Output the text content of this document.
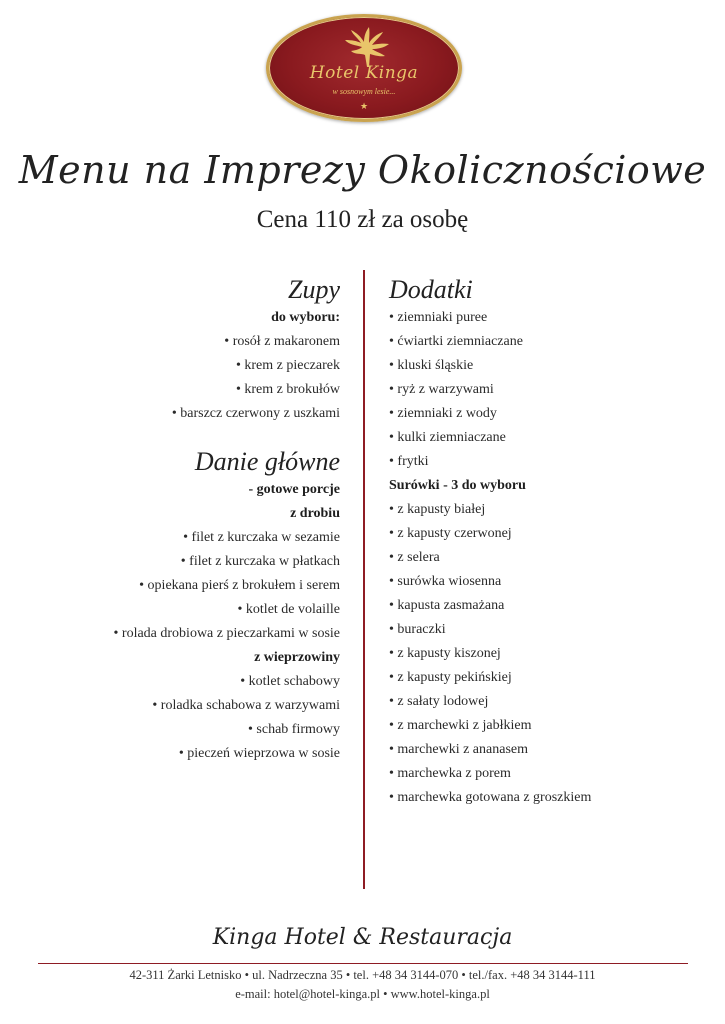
Hotel Kinga
w sosnowym lesie...
★
Menu na Imprezy Okolicznościowe
Cena 110 zł za osobę
Zupy
do wyboru:
• rosół z makaronem
• krem z pieczarek
• krem z brokułów
• barszcz czerwony z uszkami
Danie główne
- gotowe porcje
z drobiu
• filet z kurczaka w sezamie
• filet z kurczaka w płatkach
• opiekana pierś z brokułem i serem
• kotlet de volaille
• rolada drobiowa z pieczarkami w sosie
z wieprzowiny
• kotlet schabowy
• roladka schabowa z warzywami
• schab firmowy
• pieczeń wieprzowa w sosie
Dodatki
• ziemniaki puree
• ćwiartki ziemniaczane
• kluski śląskie
• ryż z warzywami
• ziemniaki z wody
• kulki ziemniaczane
• frytki
Surówki - 3 do wyboru
• z kapusty białej
• z kapusty czerwonej
• z selera
• surówka wiosenna
• kapusta zasmażana
• buraczki
• z kapusty kiszonej
• z kapusty pekińskiej
• z sałaty lodowej
• z marchewki z jabłkiem
• marchewki z ananasem
• marchewka z porem
• marchewka gotowana z groszkiem
Kinga Hotel & Restauracja
42-311 Żarki Letnisko • ul. Nadrzeczna 35 • tel. +48 34 3144-070 • tel./fax. +48 34 3144-111
e-mail: hotel@hotel-kinga.pl • www.hotel-kinga.pl
